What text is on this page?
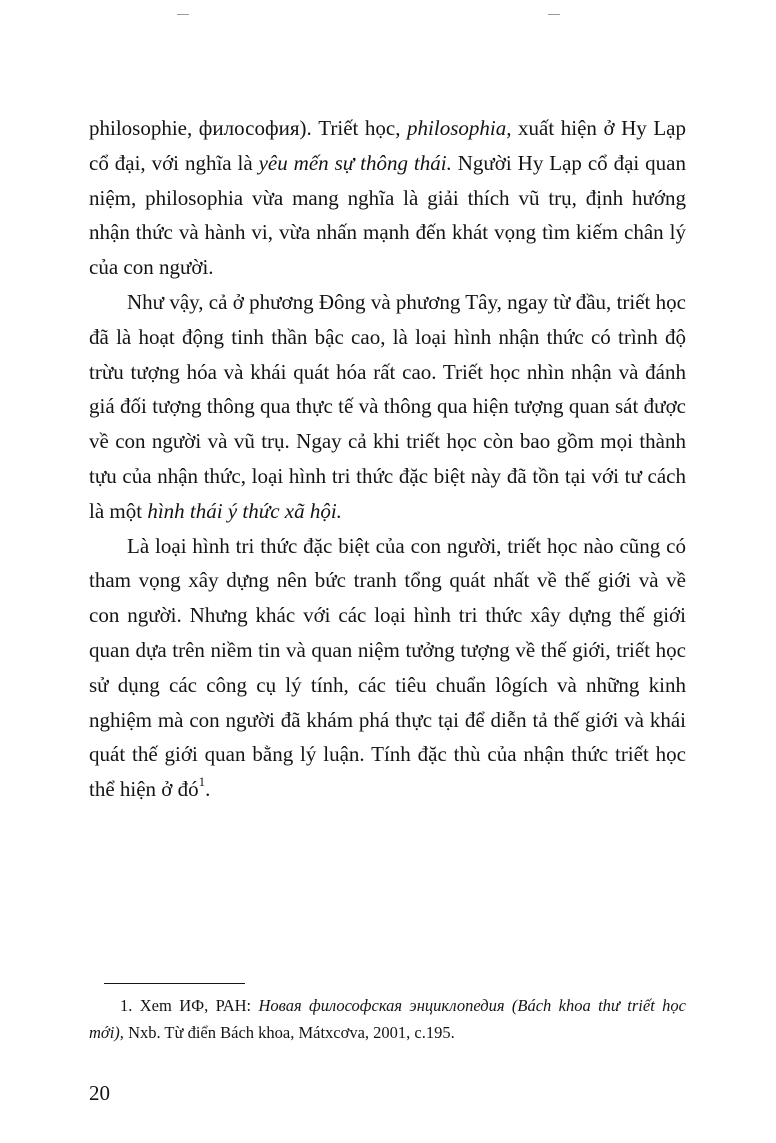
philosophie, философия). Triết học, philosophia, xuất hiện ở Hy Lạp cổ đại, với nghĩa là yêu mến sự thông thái. Người Hy Lạp cổ đại quan niệm, philosophia vừa mang nghĩa là giải thích vũ trụ, định hướng nhận thức và hành vi, vừa nhấn mạnh đến khát vọng tìm kiếm chân lý của con người.

Như vậy, cả ở phương Đông và phương Tây, ngay từ đầu, triết học đã là hoạt động tinh thần bậc cao, là loại hình nhận thức có trình độ trừu tượng hóa và khái quát hóa rất cao. Triết học nhìn nhận và đánh giá đối tượng thông qua thực tế và thông qua hiện tượng quan sát được về con người và vũ trụ. Ngay cả khi triết học còn bao gồm mọi thành tựu của nhận thức, loại hình tri thức đặc biệt này đã tồn tại với tư cách là một hình thái ý thức xã hội.

Là loại hình tri thức đặc biệt của con người, triết học nào cũng có tham vọng xây dựng nên bức tranh tổng quát nhất về thế giới và về con người. Nhưng khác với các loại hình tri thức xây dựng thế giới quan dựa trên niềm tin và quan niệm tưởng tượng về thế giới, triết học sử dụng các công cụ lý tính, các tiêu chuẩn lôgích và những kinh nghiệm mà con người đã khám phá thực tại để diễn tả thế giới và khái quát thế giới quan bằng lý luận. Tính đặc thù của nhận thức triết học thể hiện ở $đó^1$.

1. Xem ИФ, РАН: Новая философская энциклопедия (Bách khoa thư triết học mới), Nxb. Từ điển Bách khoa, Mátxcơva, 2001, c.195.
20
